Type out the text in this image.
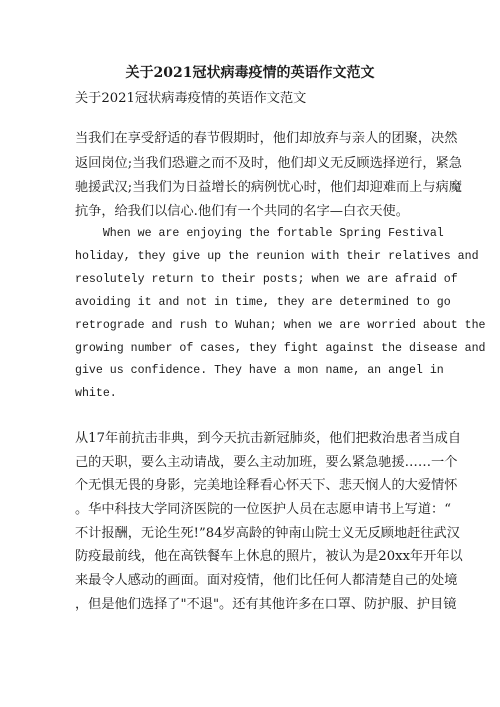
关于2021冠状病毒疫情的英语作文范文
关于2021冠状病毒疫情的英语作文范文
当我们在享受舒适的春节假期时，他们却放弃与亲人的团聚，决然
返回岗位;当我们恐避之而不及时，他们却义无反顾选择逆行，紧急
驰援武汉;当我们为日益增长的病例忧心时，他们却迎难而上与病魔
抗争，给我们以信心.他们有一个共同的名字—白衣天使。
When we are enjoying the fortable Spring Festival
holiday, they give up the reunion with their relatives and
resolutely return to their posts; when we are afraid of
avoiding it and not in time, they are determined to go
retrograde and rush to Wuhan; when we are worried about the
growing number of cases, they fight against the disease and
give us confidence. They have a mon name, an angel in
white.
从17年前抗击非典，到今天抗击新冠肺炎，他们把救治患者当成自
己的天职，要么主动请战，要么主动加班，要么紧急驰援……一个
个无惧无畏的身影，完美地诠释看心怀天下、悲天悯人的大爱情怀
。华中科技大学同济医院的一位医护人员在志愿申请书上写道：“
不计报酬，无论生死!”84岁高龄的钟南山院士义无反顾地赶往武汉
防疫最前线，他在高铁餐车上休息的照片，被认为是20xx年开年以
来最令人感动的画面。面对疫情，他们比任何人都清楚自己的处境
，但是他们选择了"不退"。还有其他许多在口罩、防护服、护目镜
